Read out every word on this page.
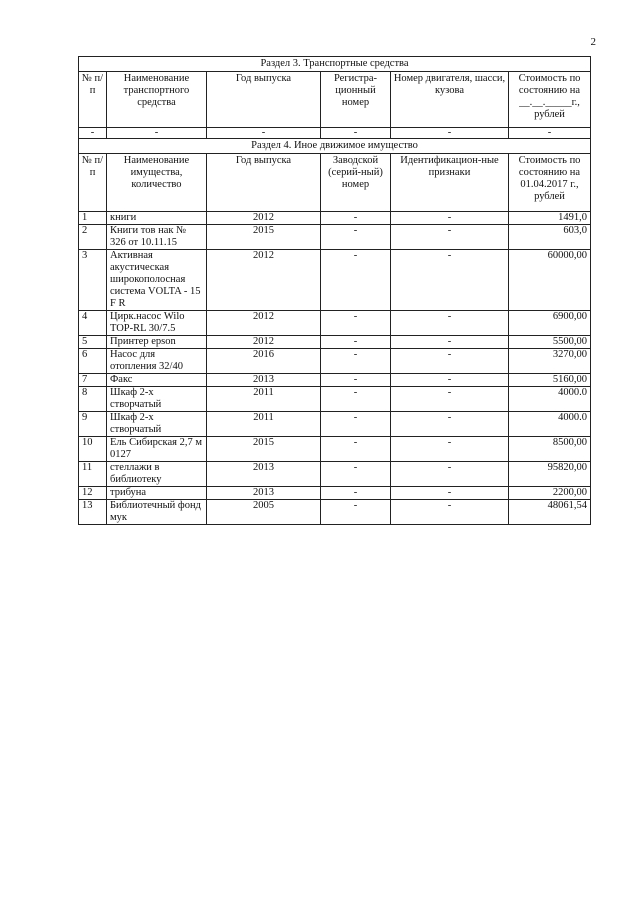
2
Раздел 3. Транспортные средства					
№ п/п	Наименование транспортного средства	Год выпуска	Регистра-ционный номер	Номер двигателя, шасси, кузова	Стоимость по состоянию на __.__._____г., рублей
-	-	-	-	-	-
Раздел 4. Иное движимое имущество					
№ п/п	Наименование имущества, количество	Год выпуска	Заводской (серий-ный) номер	Идентификацион-ные признаки	Стоимость по состоянию на 01.04.2017 г., рублей
1	книги	2012	-	-	1491,0
2	Книги тов нак № 326 от 10.11.15	2015	-	-	603,0
3	Активная акустическая широкополосная система VOLTA - 15 F R	2012	-	-	60000,00
4	Цирк.насос Wilo TOP-RL 30/7.5	2012	-	-	6900,00
5	Принтер epson	2012	-	-	5500,00
6	Насос для отопления 32/40	2016	-	-	3270,00
7	Факс	2013	-	-	5160,00
8	Шкаф 2-х створчатый	2011	-	-	4000.0
9	Шкаф 2-х створчатый	2011	-	-	4000.0
10	Ель Сибирская 2,7 м 0127	2015	-	-	8500,00
11	стеллажи в библиотеку	2013	-	-	95820,00
12	трибуна	2013	-	-	2200,00
13	Библиотечный фонд мук	2005	-	-	48061,54
